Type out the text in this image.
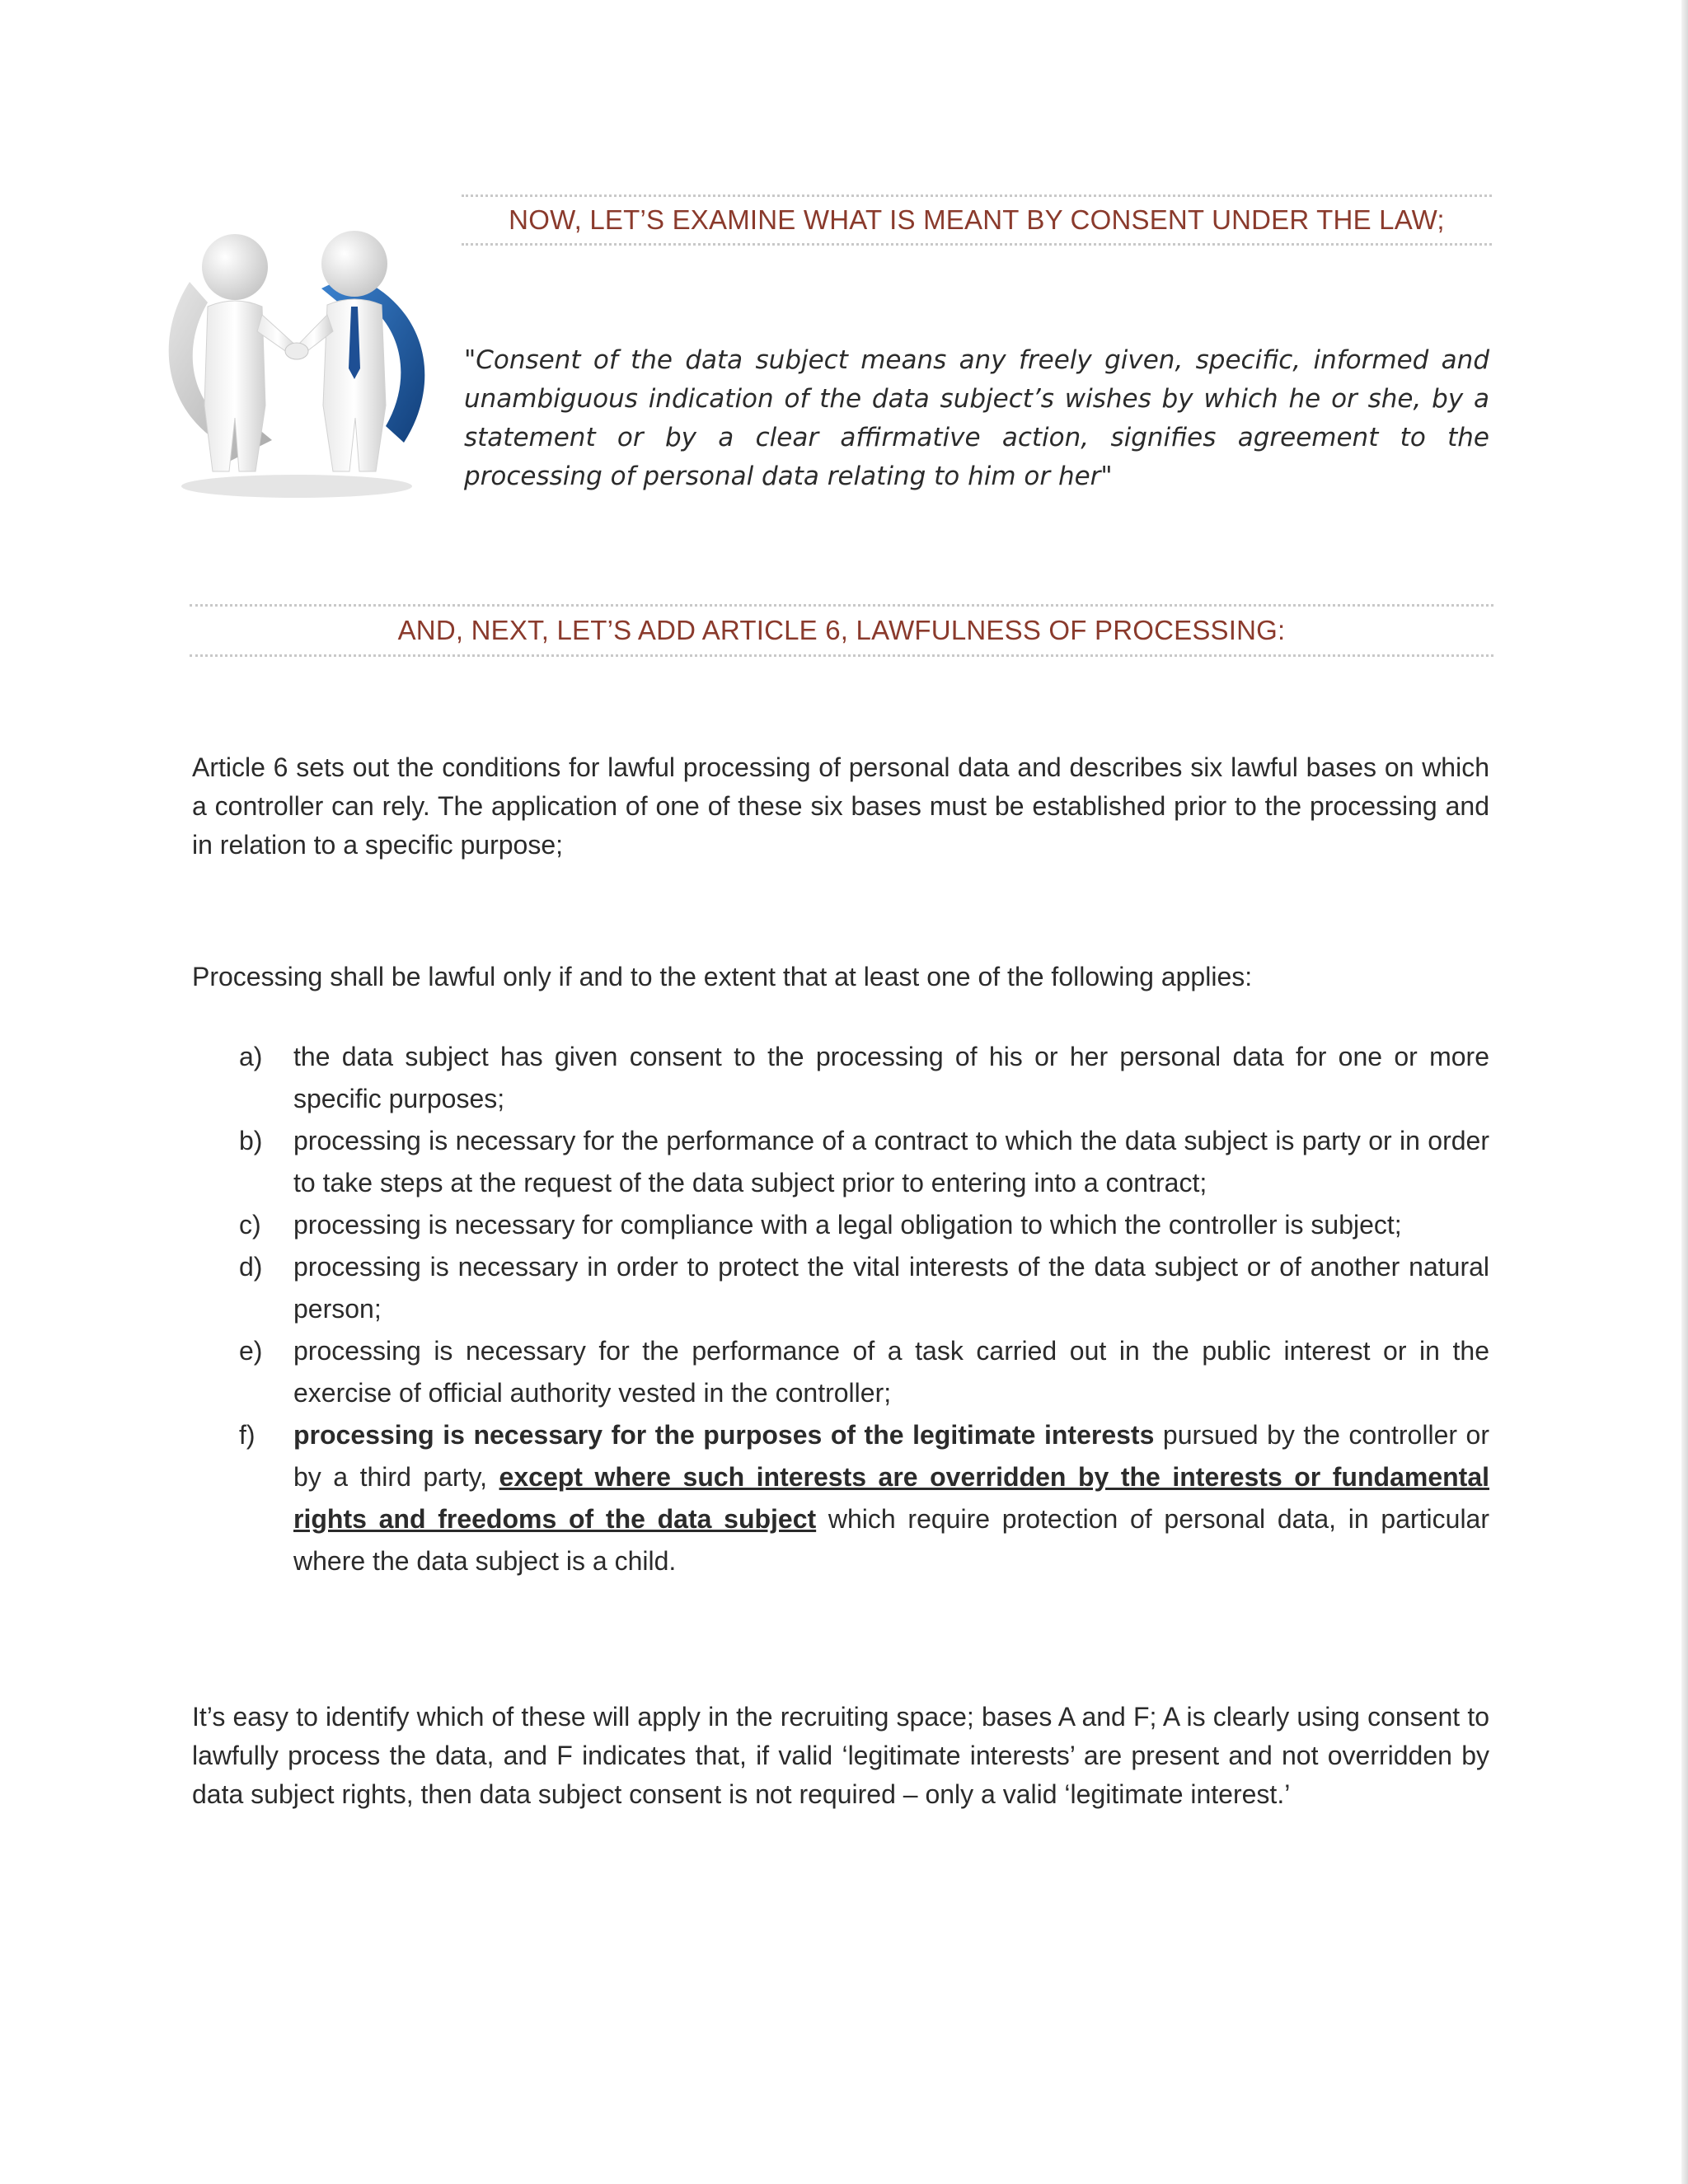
NOW, LET’S EXAMINE WHAT IS MEANT BY CONSENT UNDER THE LAW;
"Consent of the data subject means any freely given, specific, informed and unambiguous indication of the data subject’s wishes by which he or she, by a statement or by a clear affirmative action, signifies agreement to the processing of personal data relating to him or her"
AND, NEXT, LET’S ADD ARTICLE 6, LAWFULNESS OF PROCESSING:
Article 6 sets out the conditions for lawful processing of personal data and describes six lawful bases on which a controller can rely. The application of one of these six bases must be established prior to the processing and in relation to a specific purpose;
Processing shall be lawful only if and to the extent that at least one of the following applies:
a)	the data subject has given consent to the processing of his or her personal data for one or more specific purposes;
b)	processing is necessary for the performance of a contract to which the data subject is party or in order to take steps at the request of the data subject prior to entering into a contract;
c)	processing is necessary for compliance with a legal obligation to which the controller is subject;
d)	processing is necessary in order to protect the vital interests of the data subject or of another natural person;
e)	processing is necessary for the performance of a task carried out in the public interest or in the exercise of official authority vested in the controller;
f)	processing is necessary for the purposes of the legitimate interests pursued by the controller or by a third party, except where such interests are overridden by the interests or fundamental rights and freedoms of the data subject which require protection of personal data, in particular where the data subject is a child.
It’s easy to identify which of these will apply in the recruiting space; bases A and F; A is clearly using consent to lawfully process the data, and F indicates that, if valid ‘legitimate interests’ are present and not overridden by data subject rights, then data subject consent is not required – only a valid ‘legitimate interest.’
